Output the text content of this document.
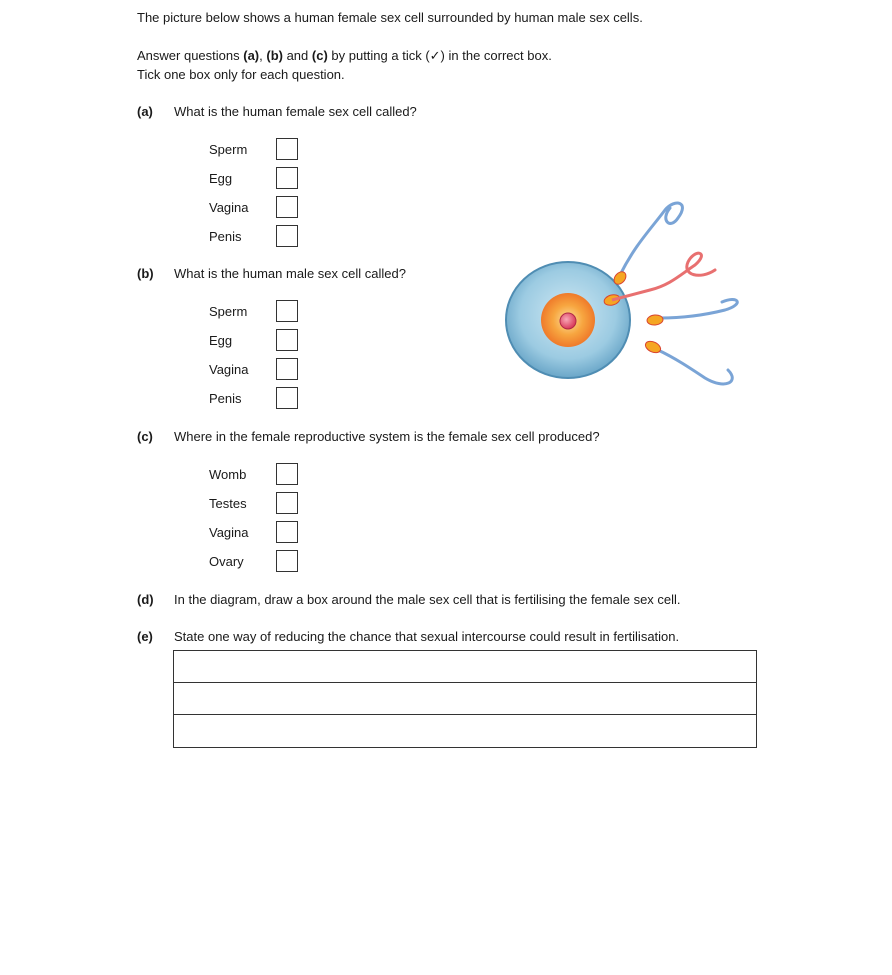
The picture below shows a human female sex cell surrounded by human male sex cells.
Answer questions (a), (b) and (c) by putting a tick (✓) in the correct box.
Tick one box only for each question.
(a) What is the human female sex cell called?
Sperm
Egg
Vagina
Penis
(b) What is the human male sex cell called?
Sperm
Egg
Vagina
Penis
(c) Where in the female reproductive system is the female sex cell produced?
Womb
Testes
Vagina
Ovary
(d) In the diagram, draw a box around the male sex cell that is fertilising the female sex cell.
(e) State one way of reducing the chance that sexual intercourse could result in fertilisation.
